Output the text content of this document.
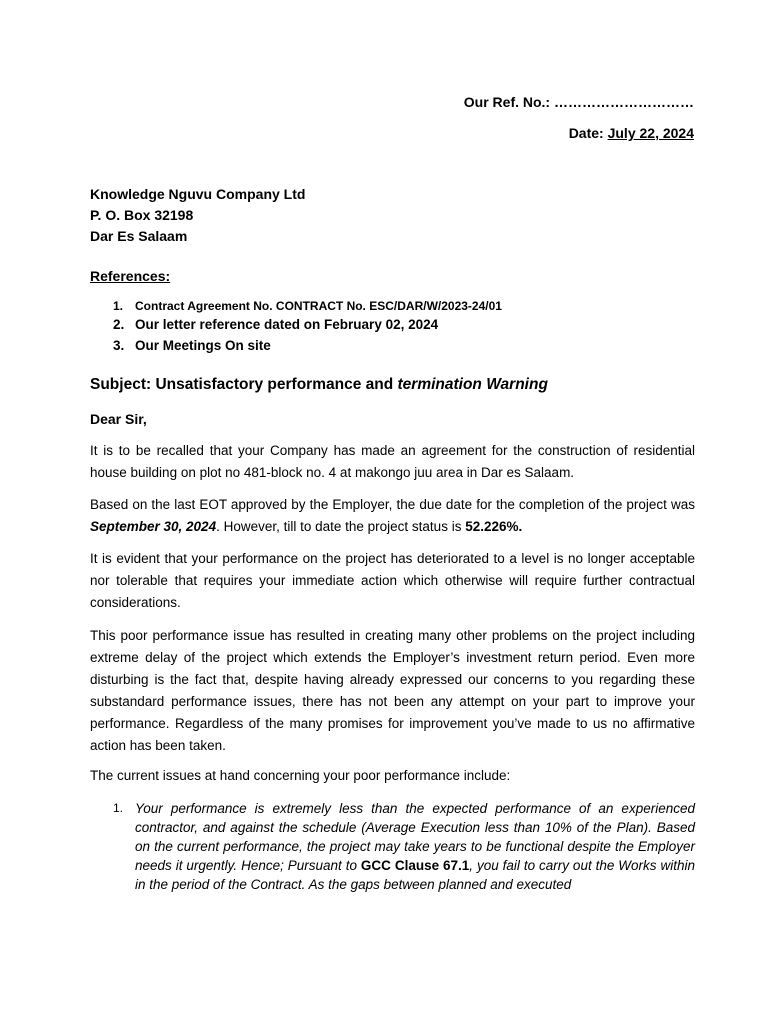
Our Ref. No.: …………………………
Date: July 22, 2024
Knowledge Nguvu Company Ltd
P. O. Box 32198
Dar Es Salaam
References:
1. Contract Agreement No. CONTRACT No. ESC/DAR/W/2023-24/01
2. Our letter reference dated on February 02, 2024
3. Our Meetings On site
Subject: Unsatisfactory performance and termination Warning
Dear Sir,

It is to be recalled that your Company has made an agreement for the construction of residential house building on plot no 481-block no. 4 at makongo juu area in Dar es Salaam.

Based on the last EOT approved by the Employer, the due date for the completion of the project was September 30, 2024. However, till to date the project status is 52.226%.

It is evident that your performance on the project has deteriorated to a level is no longer acceptable nor tolerable that requires your immediate action which otherwise will require further contractual considerations.

This poor performance issue has resulted in creating many other problems on the project including extreme delay of the project which extends the Employer’s investment return period. Even more disturbing is the fact that, despite having already expressed our concerns to you regarding these substandard performance issues, there has not been any attempt on your part to improve your performance. Regardless of the many promises for improvement you’ve made to us no affirmative action has been taken.

The current issues at hand concerning your poor performance include:

1. Your performance is extremely less than the expected performance of an experienced contractor, and against the schedule (Average Execution less than 10% of the Plan). Based on the current performance, the project may take years to be functional despite the Employer needs it urgently. Hence; Pursuant to GCC Clause 67.1, you fail to carry out the Works within in the period of the Contract. As the gaps between planned and executed
